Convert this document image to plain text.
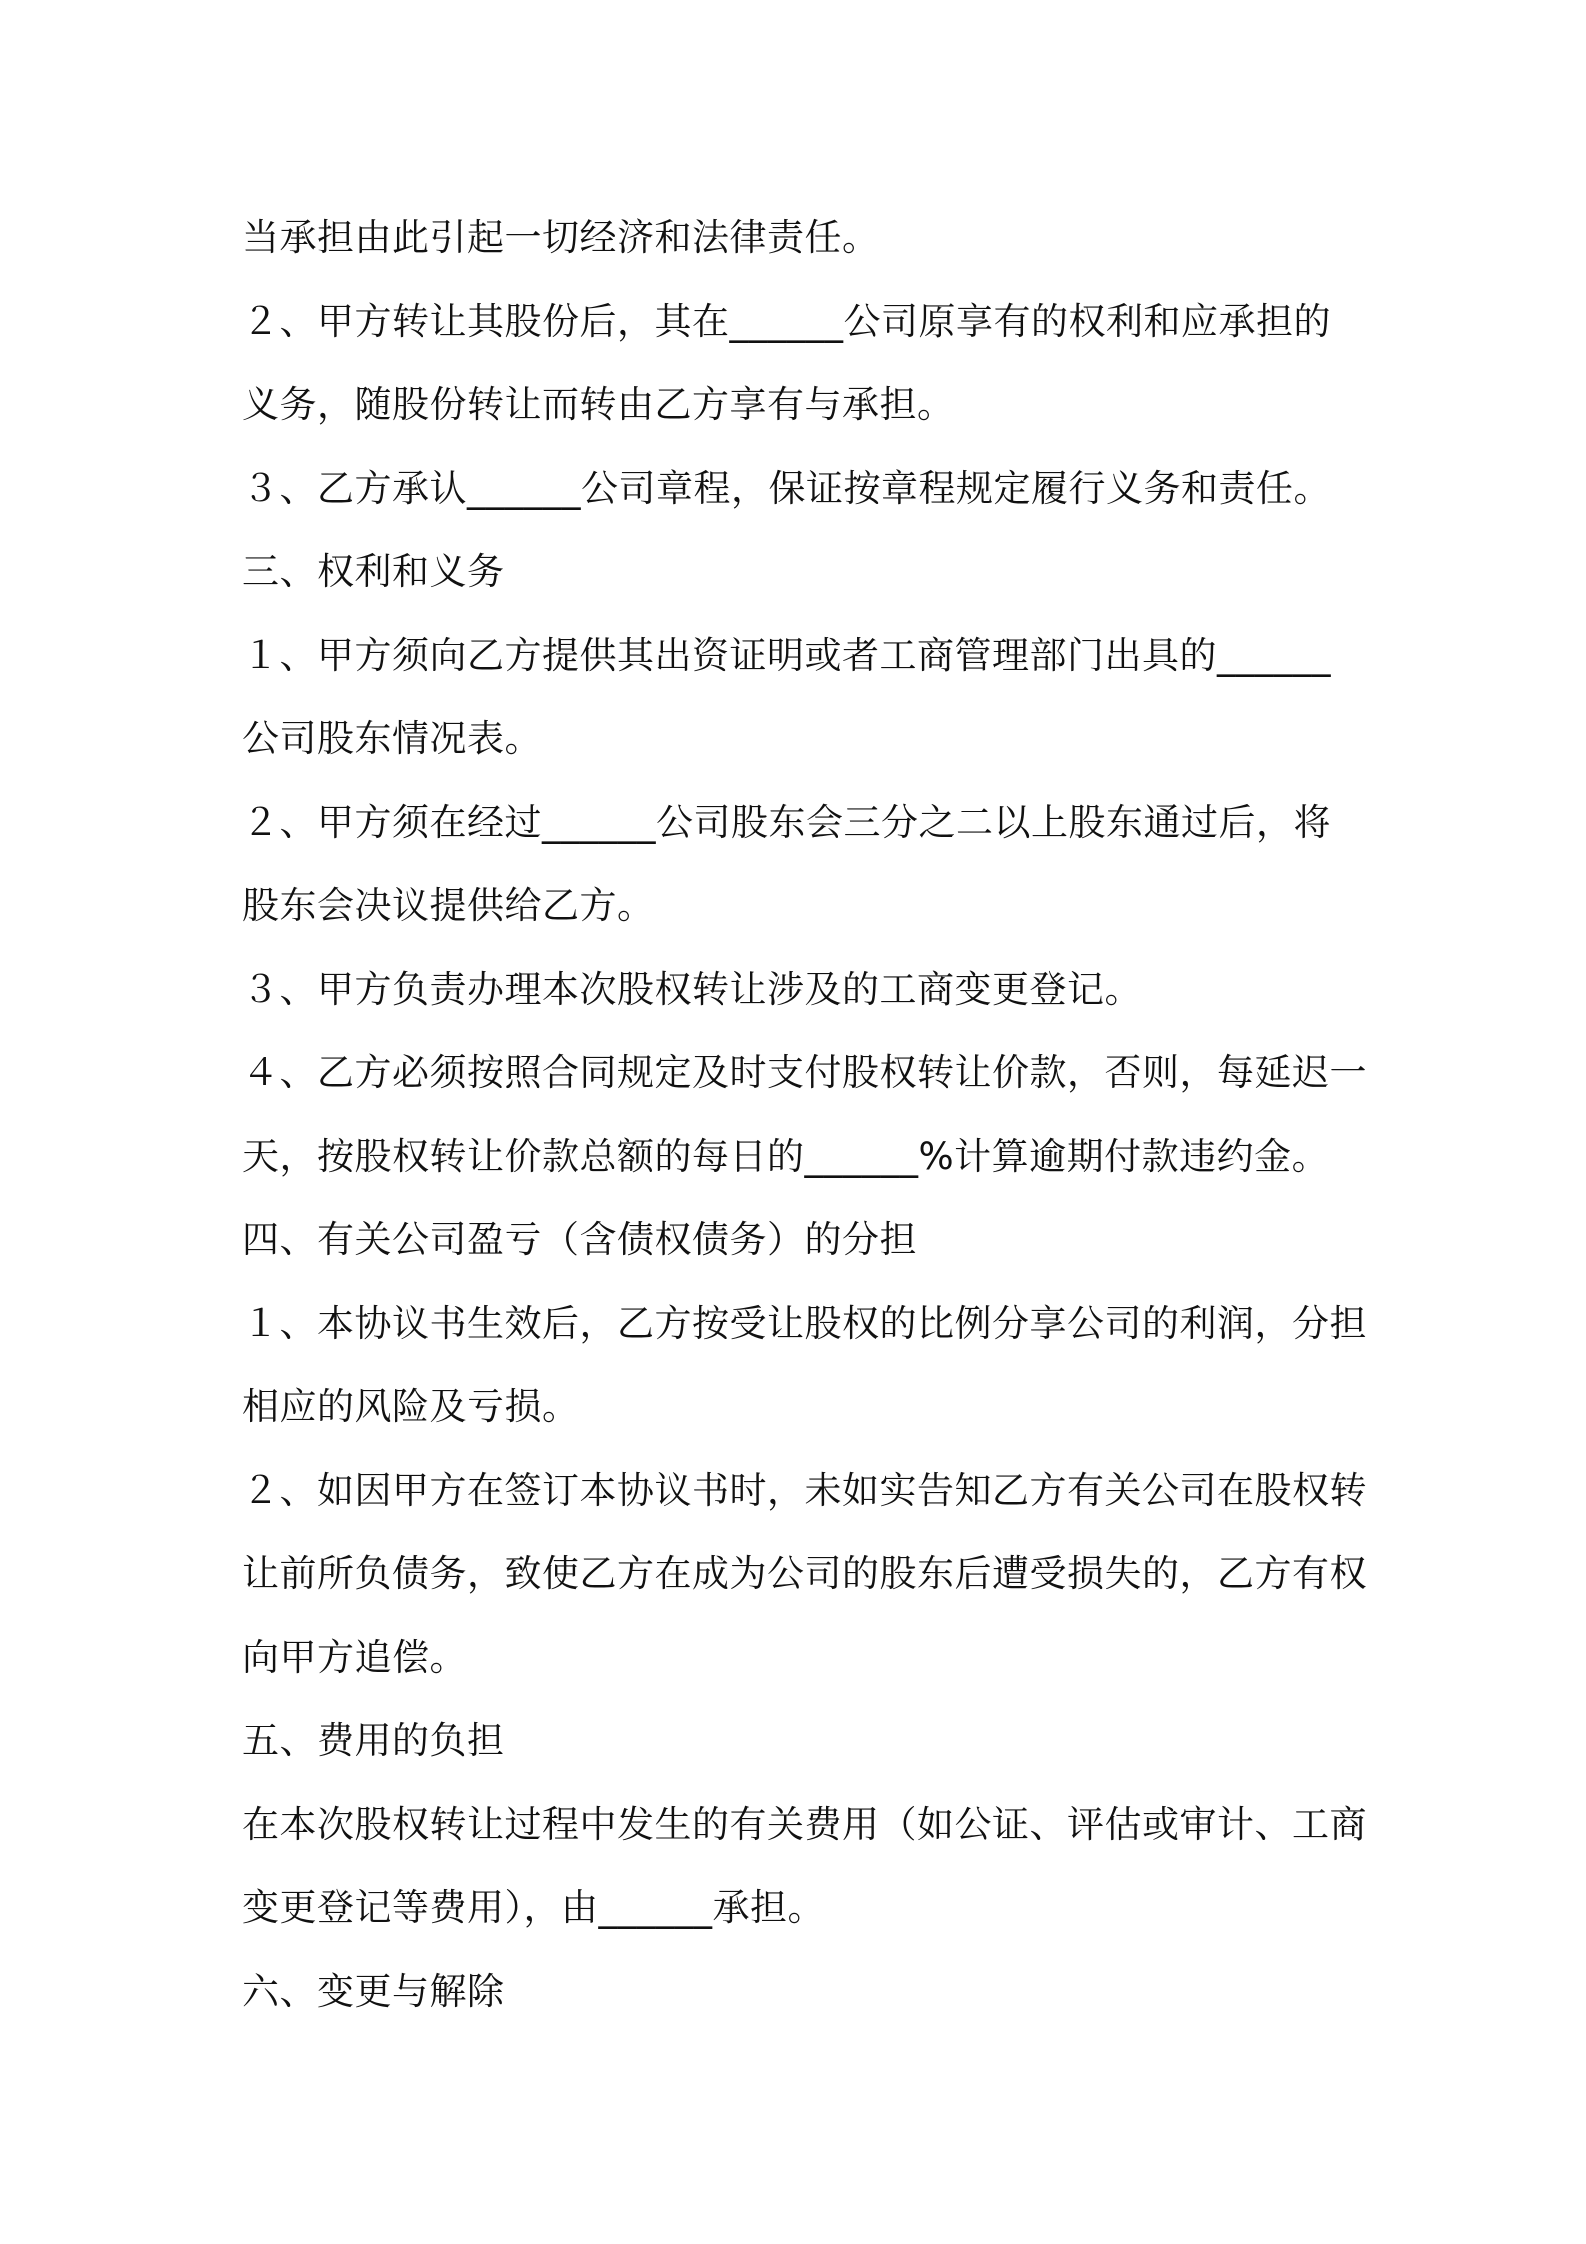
当承担由此引起一切经济和法律责任。
２、甲方转让其股份后，其在______公司原享有的权利和应承担的
义务，随股份转让而转由乙方享有与承担。
３、乙方承认______公司章程，保证按章程规定履行义务和责任。
三、权利和义务
１、甲方须向乙方提供其出资证明或者工商管理部门出具的______
公司股东情况表。
２、甲方须在经过______公司股东会三分之二以上股东通过后，将
股东会决议提供给乙方。
３、甲方负责办理本次股权转让涉及的工商变更登记。
４、乙方必须按照合同规定及时支付股权转让价款，否则，每延迟一
天，按股权转让价款总额的每日的______%计算逾期付款违约金。
四、有关公司盈亏（含债权债务）的分担
１、本协议书生效后，乙方按受让股权的比例分享公司的利润，分担
相应的风险及亏损。
２、如因甲方在签订本协议书时，未如实告知乙方有关公司在股权转
让前所负债务，致使乙方在成为公司的股东后遭受损失的，乙方有权
向甲方追偿。
五、费用的负担
在本次股权转让过程中发生的有关费用（如公证、评估或审计、工商
变更登记等费用），由______承担。
六、变更与解除
